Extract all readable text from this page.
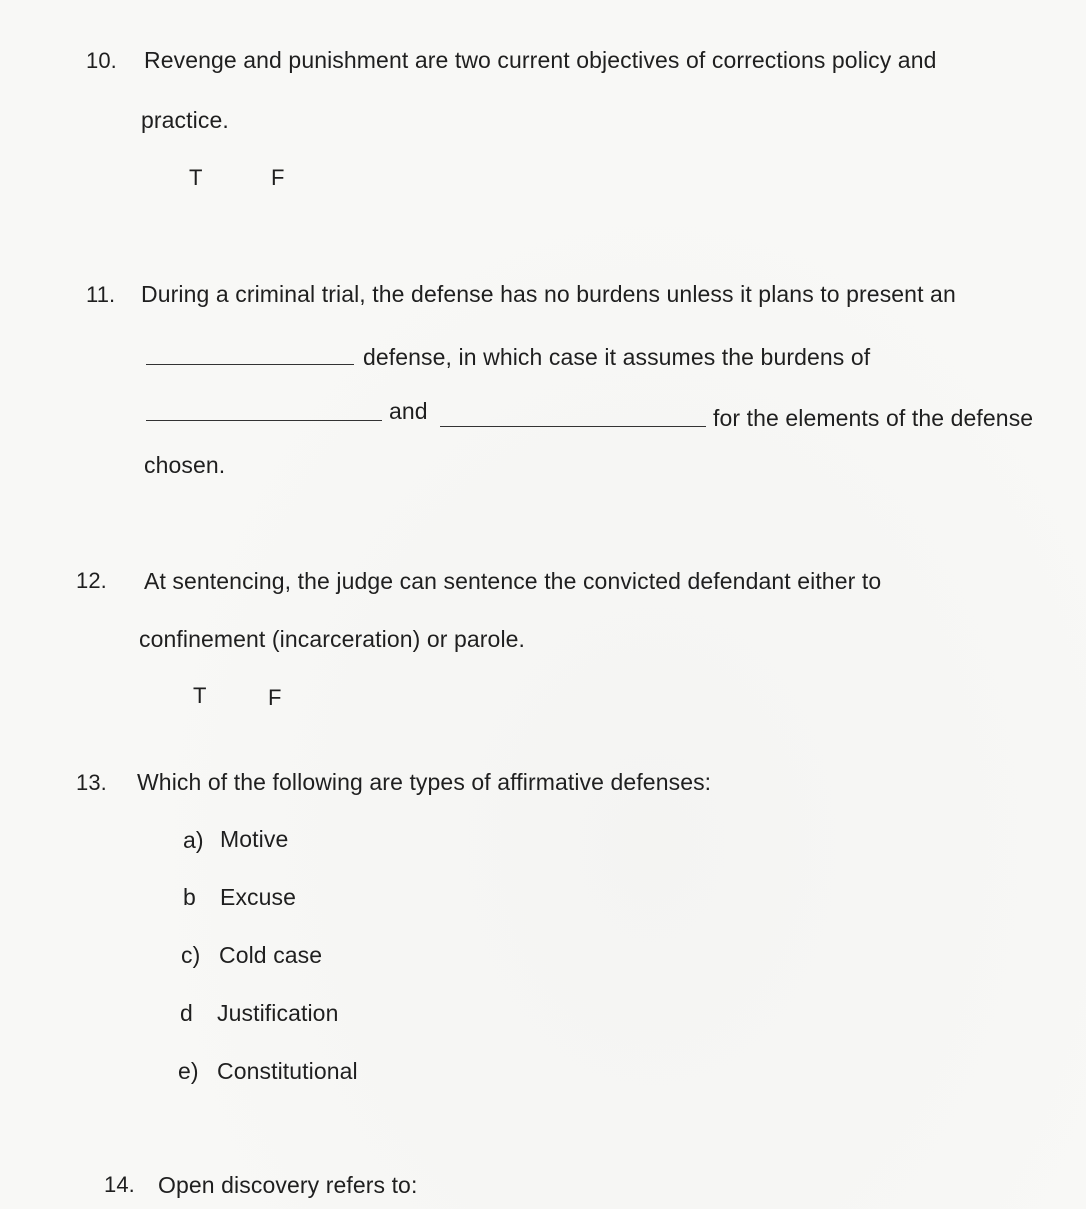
10. Revenge and punishment are two current objectives of corrections policy and
practice.
T	F
11. During a criminal trial, the defense has no burdens unless it plans to present an
defense, in which case it assumes the burdens of
and	for the elements of the defense
chosen.
12. At sentencing, the judge can sentence the convicted defendant either to
confinement (incarceration) or parole.
T	F
13. Which of the following are types of affirmative defenses:
a) Motive
b Excuse
c) Cold case
d Justification
e) Constitutional
14. Open discovery refers to:
